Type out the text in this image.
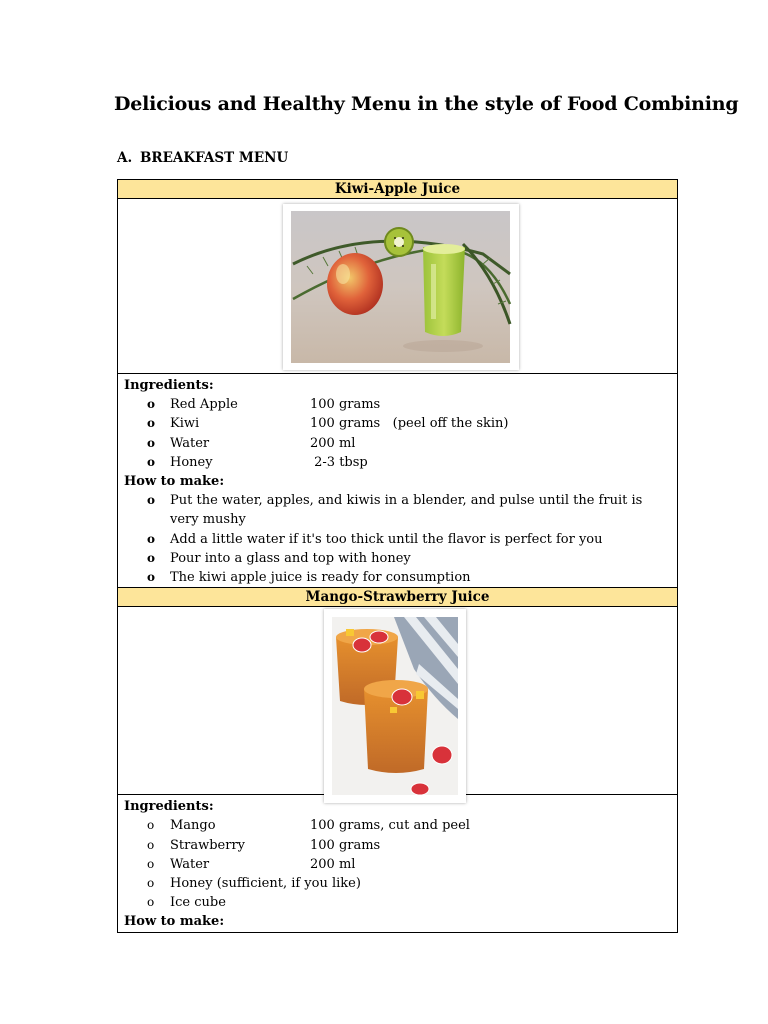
Delicious and Healthy Menu in the style of Food Combining
A. BREAKFAST MENU
Kiwi-Apple Juice

Ingredients:
o Red Apple	100 grams
o Kiwi	100 grams   (peel off the skin)
o Water	200 ml
o Honey	2-3 tbsp
How to make:
o Put the water, apples, and kiwis in a blender, and pulse until the fruit is very mushy
o Add a little water if it's too thick until the flavor is perfect for you
o Pour into a glass and top with honey
o The kiwi apple juice is ready for consumption

Mango-Strawberry Juice

Ingredients:
o Mango	100 grams, cut and peel
o Strawberry	100 grams
o Water	200 ml
o Honey (sufficient, if you like)
o Ice cube
How to make:
